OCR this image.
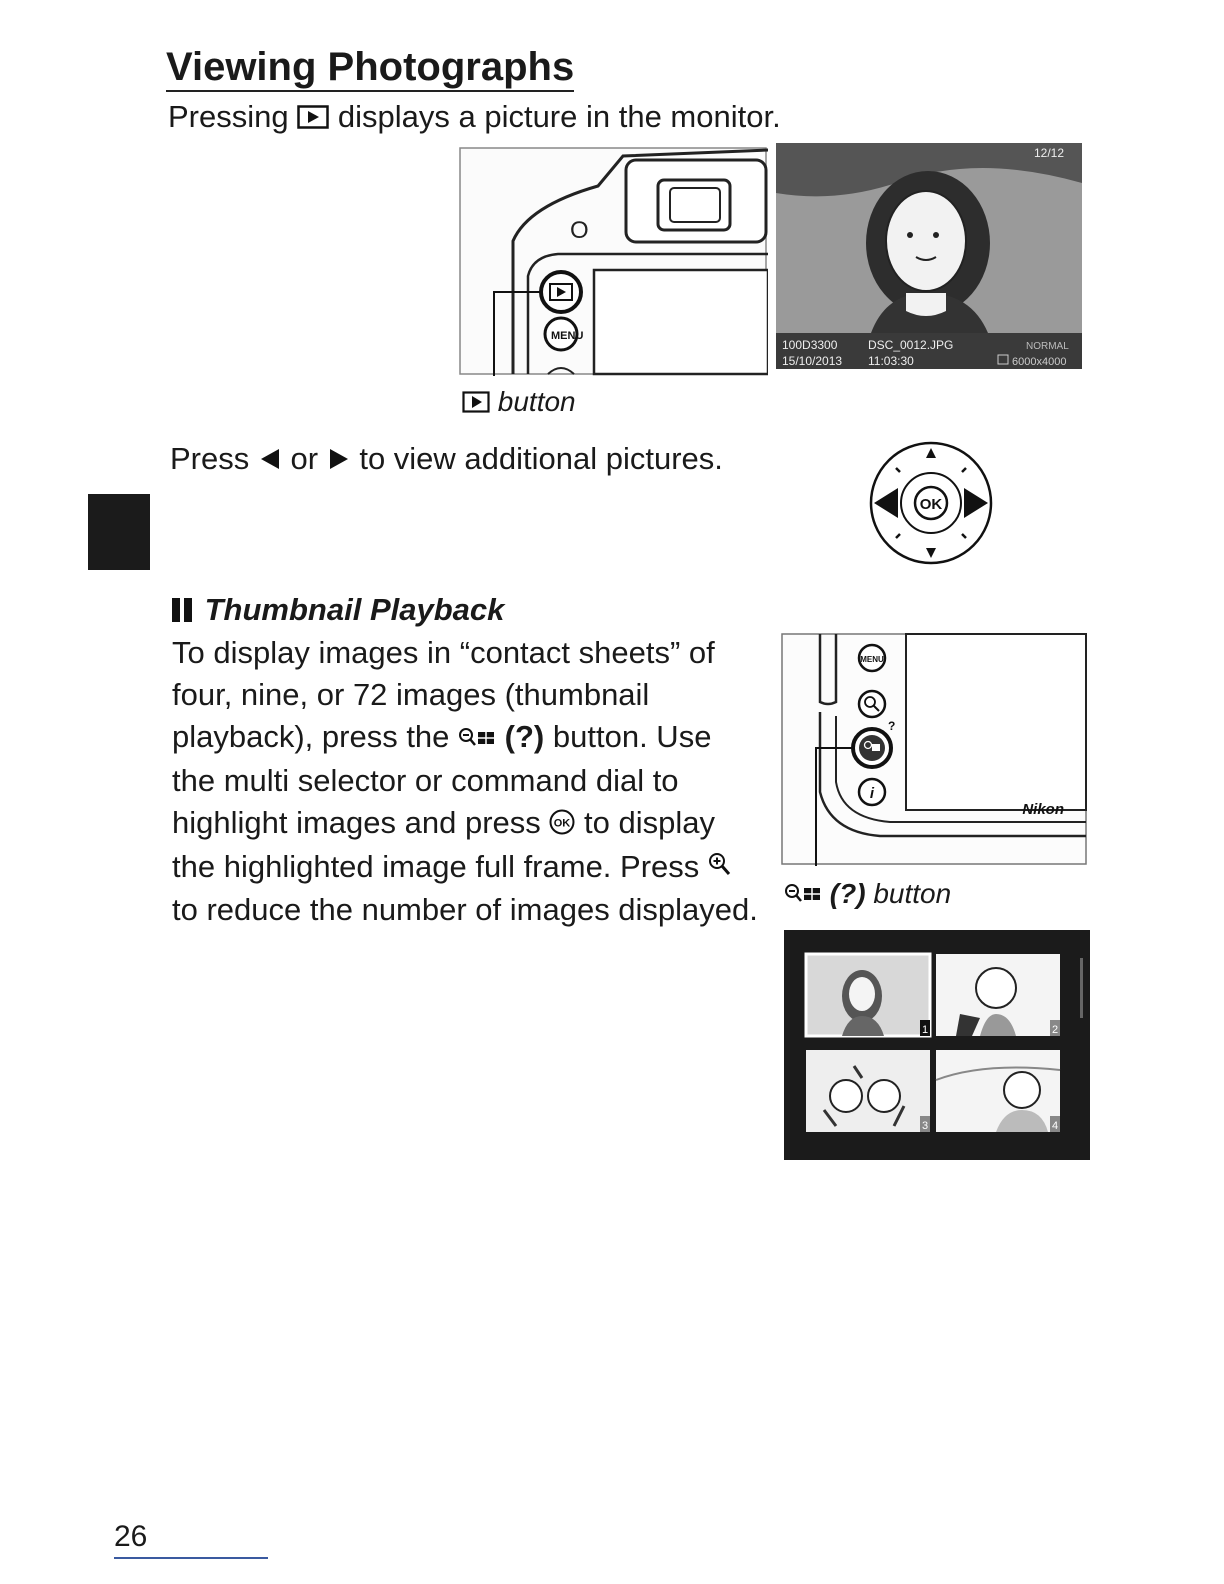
Viewing Photographs

Pressing displays a picture in the monitor.

O
MENU
12/12
100D3300	DSC_0012.JPG	NORMAL
15/10/2013 11:03:30	6000x4000
button

Press or to view additional pictures.

OK
Thumbnail Playback

To display images in “contact sheets” of four, nine, or 72 images (thumbnail playback), press the (?) button. Use the multi selector or command dial to highlight images and press OK to display the highlighted image full frame. Press  to reduce the number of images displayed.

Nikon
MENU
?
i
(?) button
1	2
3	4

26
